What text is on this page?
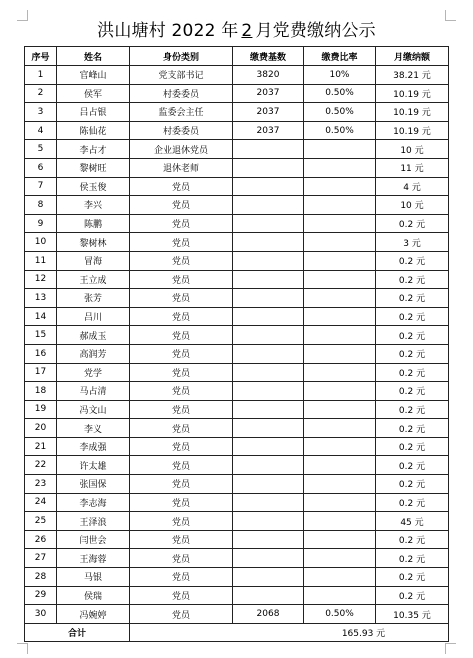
洪山塘村 2022 年 2 月党费缴纳公示
序号	姓名	身份类别	缴费基数	缴费比率	月缴纳额
1	官峰山	党支部书记	3820	10%	38.21 元
2	侯军	村委委员	2037	0.50%	10.19 元
3	吕占银	监委会主任	2037	0.50%	10.19 元
4	陈仙花	村委委员	2037	0.50%	10.19 元
5	李占才	企业退休党员			10 元
6	黎树旺	退休老师			11 元
7	侯玉俊	党员			4 元
8	李兴	党员			10 元
9	陈鹏	党员			0.2 元
10	黎树林	党员			3 元
11	冒海	党员			0.2 元
12	王立成	党员			0.2 元
13	张芳	党员			0.2 元
14	吕川	党员			0.2 元
15	郝成玉	党员			0.2 元
16	高润芳	党员			0.2 元
17	党学	党员			0.2 元
18	马占清	党员			0.2 元
19	冯文山	党员			0.2 元
20	李义	党员			0.2 元
21	李成强	党员			0.2 元
22	许太雄	党员			0.2 元
23	张国保	党员			0.2 元
24	李志海	党员			0.2 元
25	王泽浪	党员			45 元
26	闫世会	党员			0.2 元
27	王海蓉	党员			0.2 元
28	马银	党员			0.2 元
29	侯瑞	党员			0.2 元
30	冯婉婷	党员	2068	0.50%	10.35 元
合计		165.93 元			
